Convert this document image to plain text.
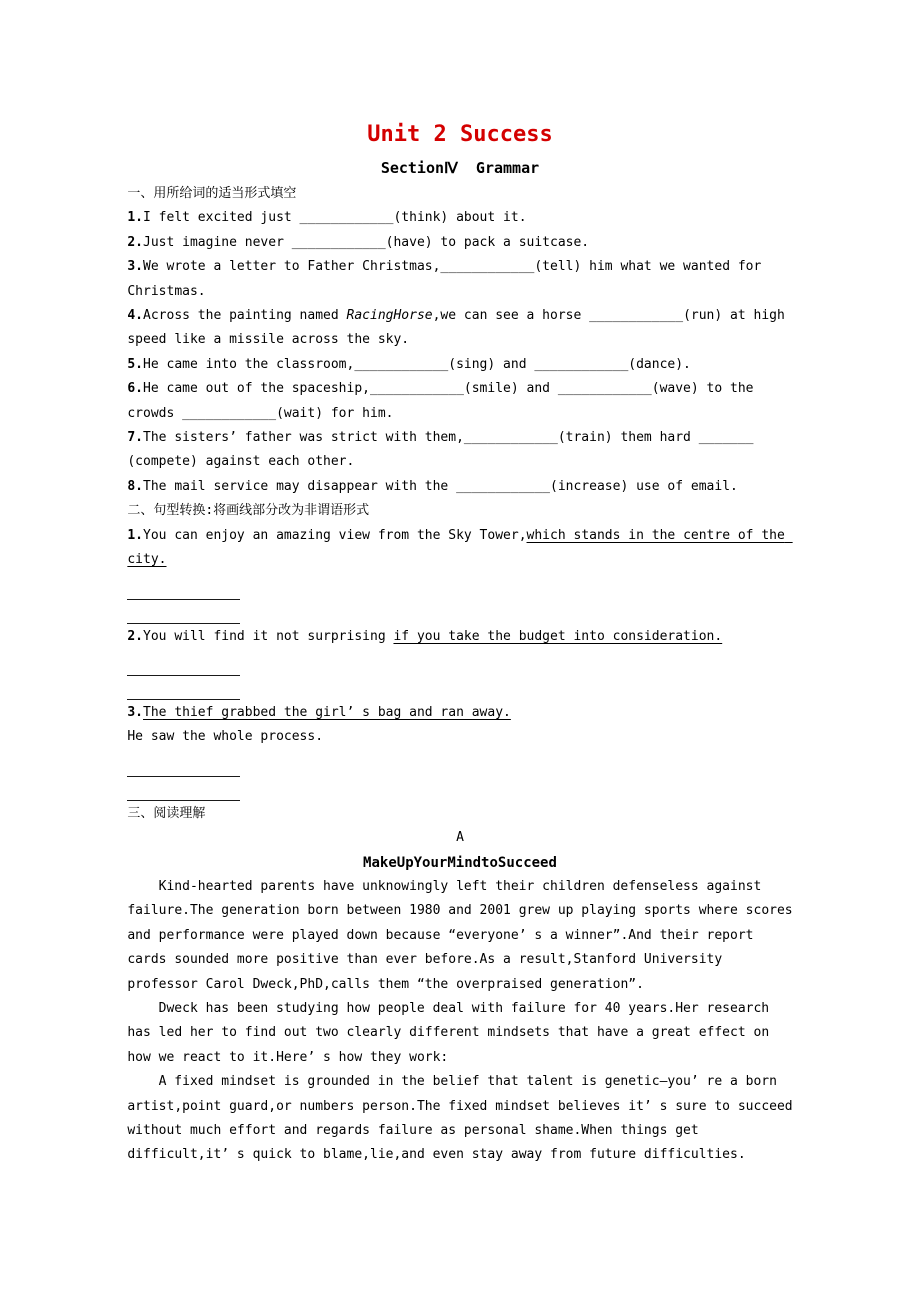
Unit 2 Success
SectionⅣ  Grammar
一、用所给词的适当形式填空

1.I felt excited just ____________(think) about it.

2.Just imagine never ____________(have) to pack a suitcase.

3.We wrote a letter to Father Christmas,____________(tell) him what we wanted for Christmas.

4.Across the painting named RacingHorse,we can see a horse ____________(run) at high speed like a missile across the sky.

5.He came into the classroom,____________(sing) and ____________(dance).

6.He came out of the spaceship,____________(smile) and ____________(wave) to the crowds ____________(wait) for him.

7.The sisters’ father was strict with them,____________(train) them hard _______ (compete) against each other.

8.The mail service may disappear with the ____________(increase) use of email.

二、句型转换:将画线部分改为非谓语形式

1.You can enjoy an amazing view from the Sky Tower,which stands in the centre of the city.

2.You will find it not surprising if you take the budget into consideration.

3.The thief grabbed the girl’ s bag and ran away.

He saw the whole process.

三、阅读理解
A
MakeUpYourMindtoSucceed

Kind-hearted parents have unknowingly left their children defenseless against failure.The generation born between 1980 and 2001 grew up playing sports where scores and performance were played down because “everyone’ s a winner”.And their report cards sounded more positive than ever before.As a result,Stanford University professor Carol Dweck,PhD,calls them “the overpraised generation”.

Dweck has been studying how people deal with failure for 40 years.Her research has led her to find out two clearly different mindsets that have a great effect on how we react to it.Here’ s how they work:

A fixed mindset is grounded in the belief that talent is genetic—you’ re a born artist,point guard,or numbers person.The fixed mindset believes it’ s sure to succeed without much effort and regards failure as personal shame.When things get difficult,it’ s quick to blame,lie,and even stay away from future difficulties.
